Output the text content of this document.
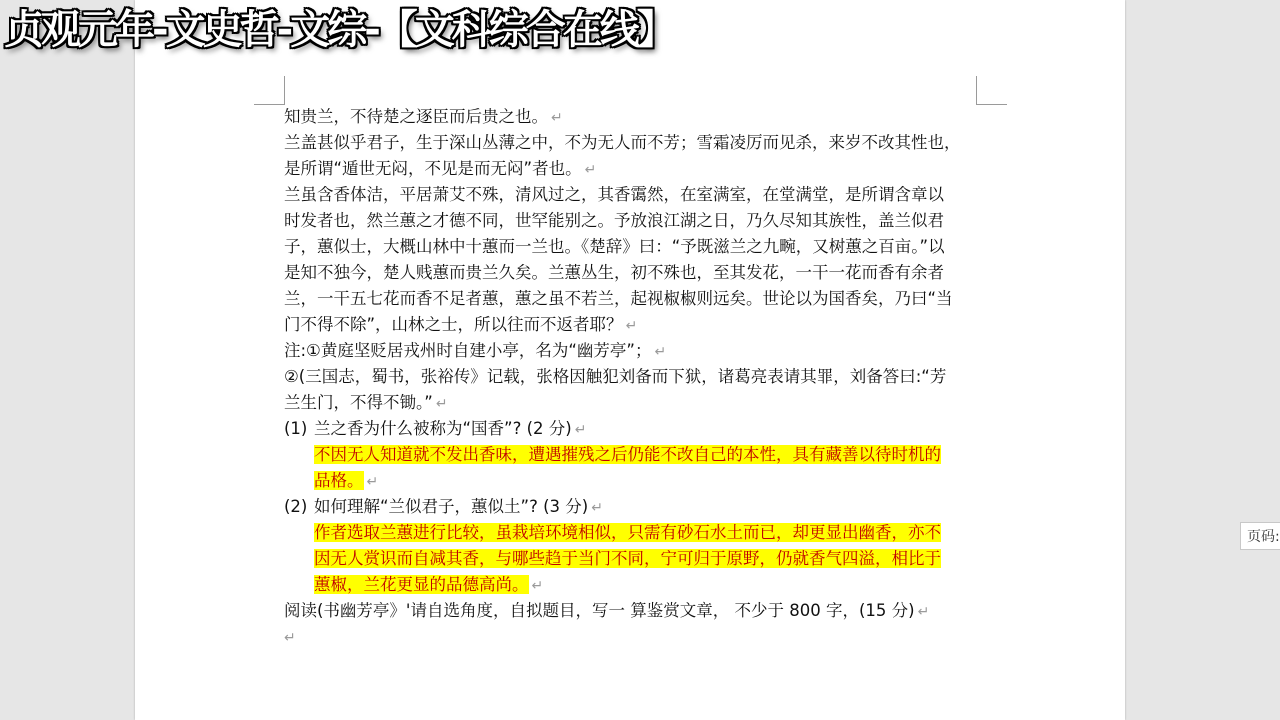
贞观元年-文史哲-文综-【文科综合在线】

知贵兰，不待楚之逐臣而后贵之也。 ↵

兰盖甚似乎君子，生于深山丛薄之中，不为无人而不芳；雪霜凌厉而见杀，来岁不改其性也，

是所谓“遁世无闷，不见是而无闷”者也。 ↵

兰虽含香体洁，平居萧艾不殊，清风过之，其香霭然，在室满室，在堂满堂，是所谓含章以

时发者也，然兰蕙之才德不同，世罕能别之。予放浪江湖之日，乃久尽知其族性，盖兰似君

子，蕙似士，大概山林中十蕙而一兰也。《楚辞》曰：“予既滋兰之九畹，又树蕙之百亩。”以

是知不独今，楚人贱蕙而贵兰久矣。兰蕙丛生，初不殊也，至其发花，一干一花而香有余者

兰，一干五七花而香不足者蕙，蕙之虽不若兰，起视椒椒则远矣。世论以为国香矣，乃曰“当

门不得不除”，山林之士，所以往而不返者耶？ ↵

注:①黄庭坚贬居戎州时自建小亭，名为“幽芳亭”； ↵

②(三国志，蜀书，张裕传》记载，张格因触犯刘备而下狱，诸葛亮表请其罪，刘备答曰:“芳

兰生门，不得不锄。” ↵

(1) 兰之香为什么被称为“国香”? (2 分) ↵

不因无人知道就不发出香味，遭遇摧残之后仍能不改自己的本性，具有藏善以待时机的

品格。 ↵

(2) 如何理解“兰似君子，蕙似土”? (3 分) ↵

作者选取兰蕙进行比较，虽栽培环境相似，只需有砂石水土而已，却更显出幽香，亦不

因无人赏识而自减其香，与哪些趋于当门不同，宁可归于原野，仍就香气四溢，相比于

蕙椒，兰花更显的品德高尚。 ↵

阅读(书幽芳亭》'请自选角度，自拟题目，写一 算鉴赏文章， 不少于 800 字，(15 分) ↵

↵

页码:
